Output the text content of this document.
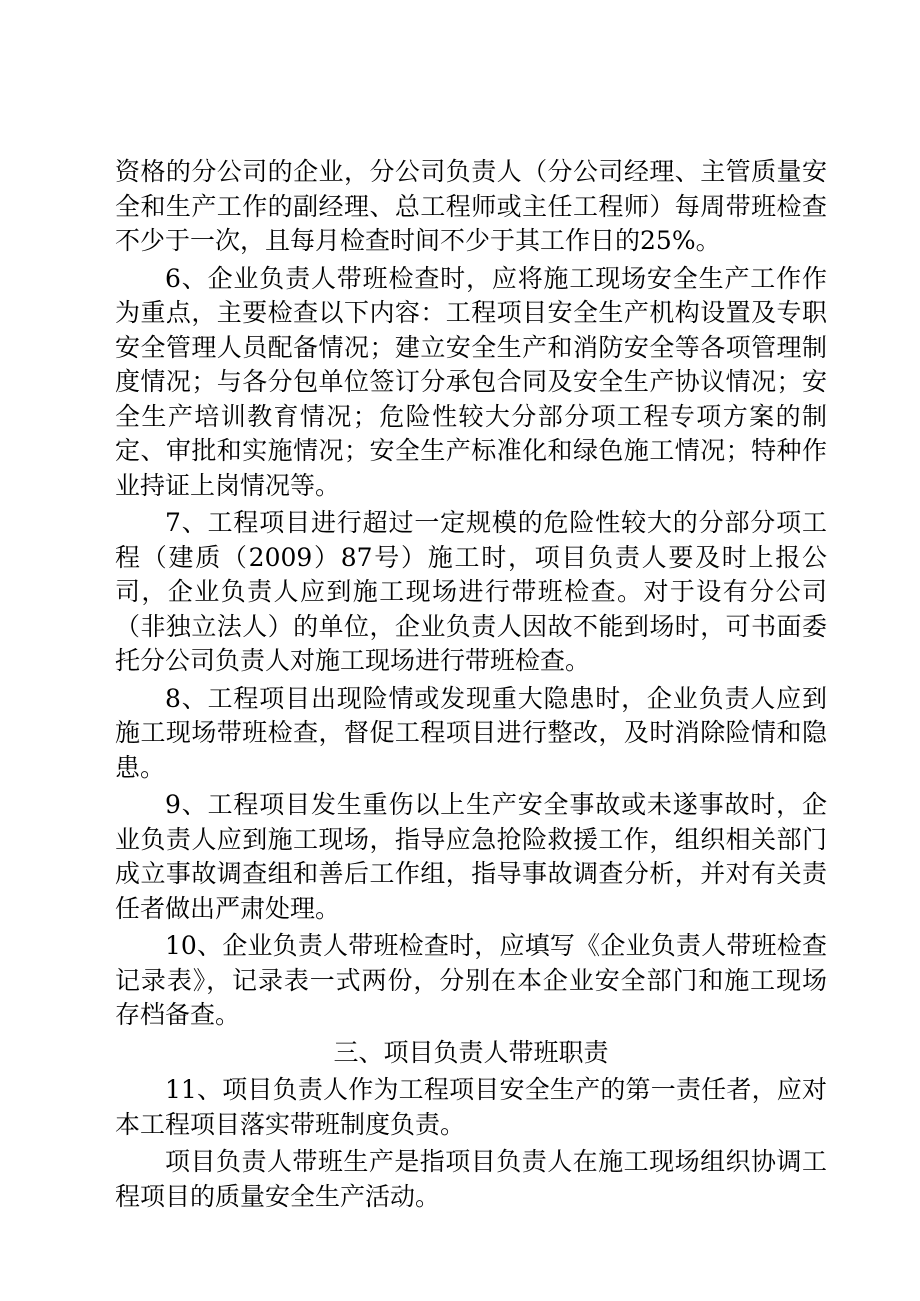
资格的分公司的企业，分公司负责人（分公司经理、主管质量安全和生产工作的副经理、总工程师或主任工程师）每周带班检查不少于一次，且每月检查时间不少于其工作日的25%。

6、企业负责人带班检查时，应将施工现场安全生产工作作为重点，主要检查以下内容：工程项目安全生产机构设置及专职安全管理人员配备情况；建立安全生产和消防安全等各项管理制度情况；与各分包单位签订分承包合同及安全生产协议情况；安全生产培训教育情况；危险性较大分部分项工程专项方案的制定、审批和实施情况；安全生产标准化和绿色施工情况；特种作业持证上岗情况等。

7、工程项目进行超过一定规模的危险性较大的分部分项工程（建质（2009）87号）施工时，项目负责人要及时上报公司，企业负责人应到施工现场进行带班检查。对于设有分公司（非独立法人）的单位，企业负责人因故不能到场时，可书面委托分公司负责人对施工现场进行带班检查。

8、工程项目出现险情或发现重大隐患时，企业负责人应到施工现场带班检查，督促工程项目进行整改，及时消除险情和隐患。

9、工程项目发生重伤以上生产安全事故或未遂事故时，企业负责人应到施工现场，指导应急抢险救援工作，组织相关部门成立事故调查组和善后工作组，指导事故调查分析，并对有关责任者做出严肃处理。

10、企业负责人带班检查时，应填写《企业负责人带班检查记录表》，记录表一式两份，分别在本企业安全部门和施工现场存档备查。

三、项目负责人带班职责

11、项目负责人作为工程项目安全生产的第一责任者，应对本工程项目落实带班制度负责。

项目负责人带班生产是指项目负责人在施工现场组织协调工程项目的质量安全生产活动。
